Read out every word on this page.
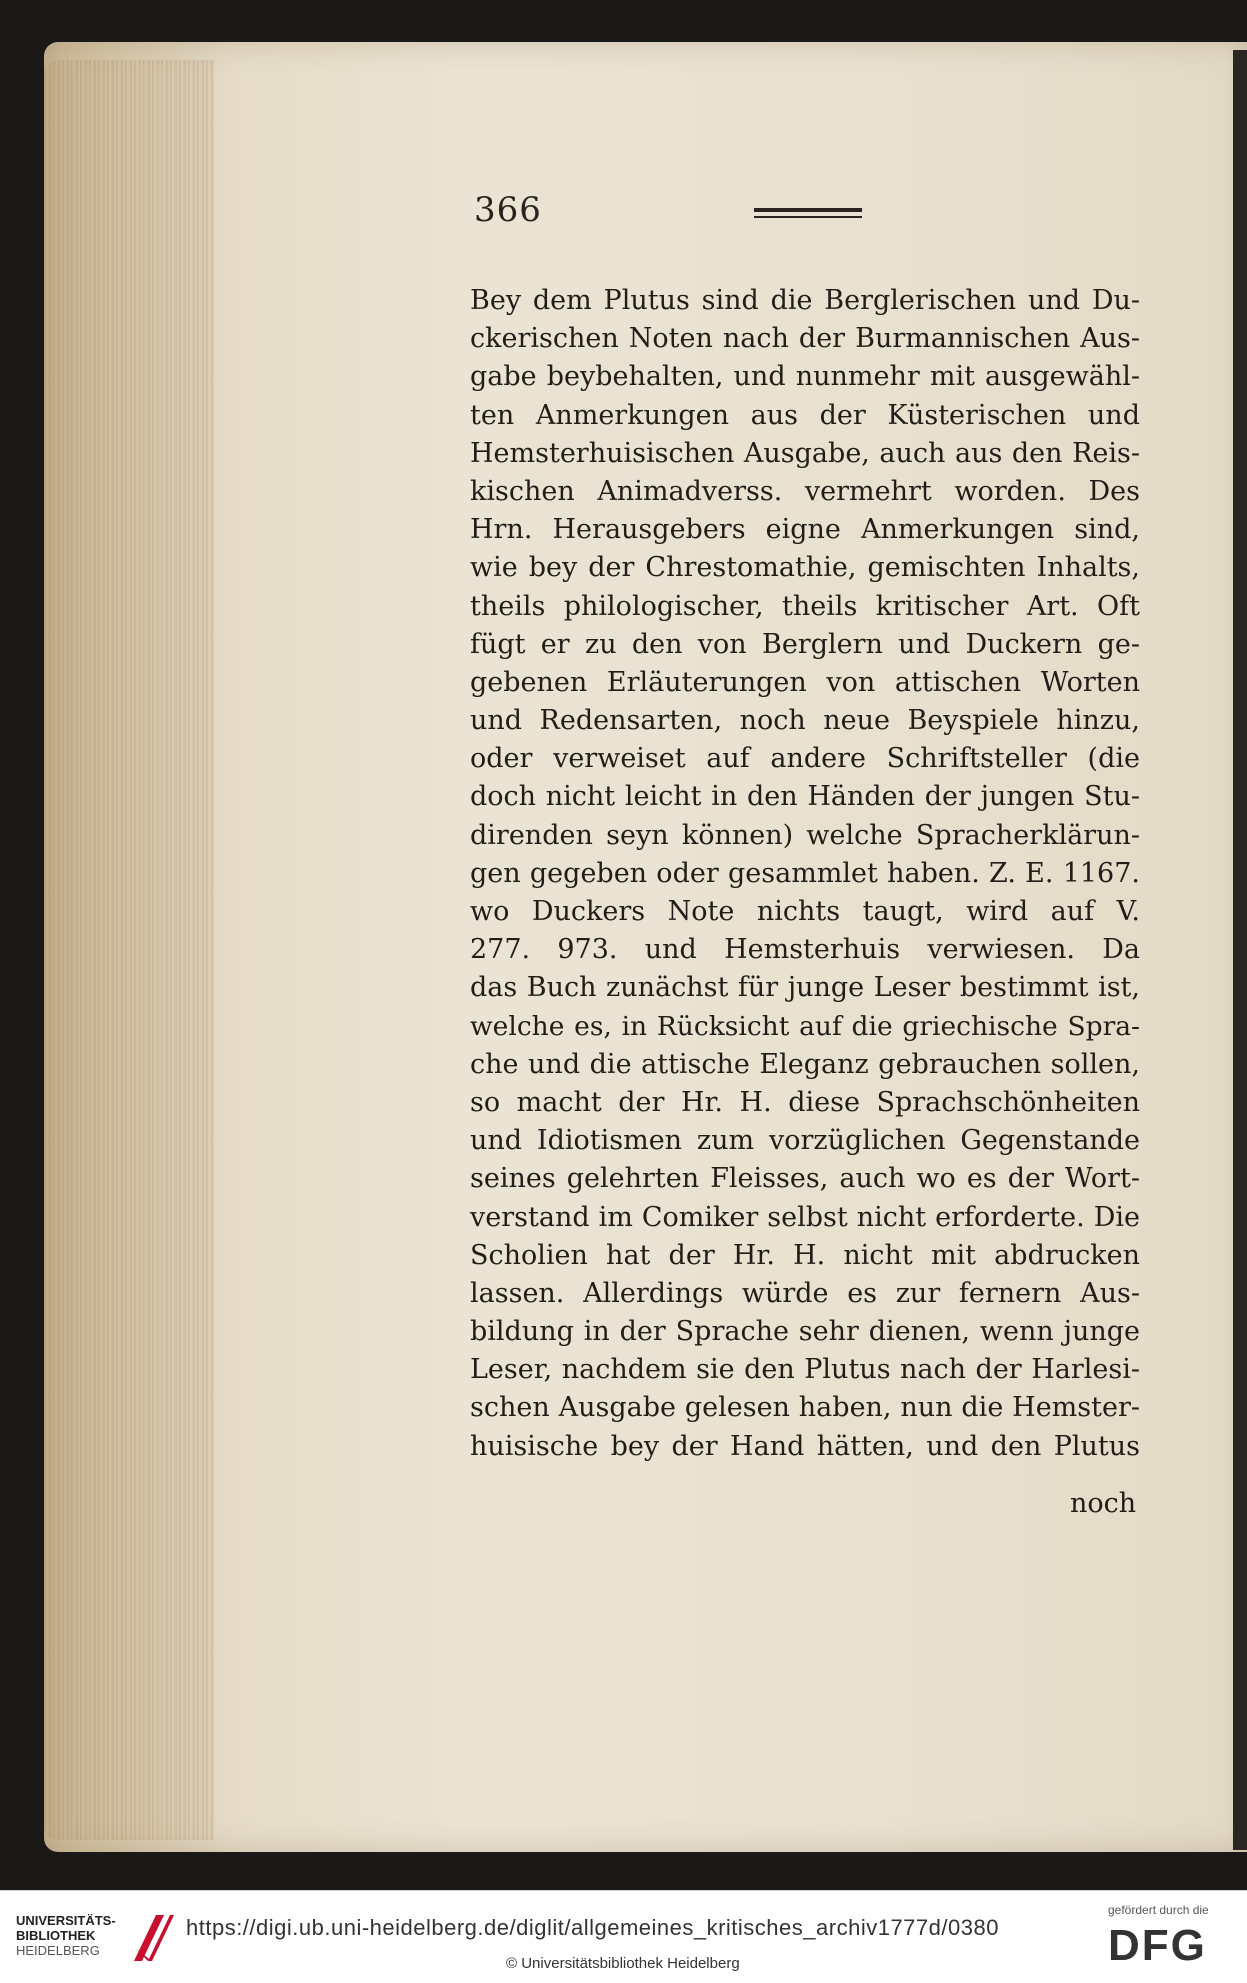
366
Bey dem Plutus sind die Berglerischen und Du-
ckerischen Noten nach der Burmannischen Aus-
gabe beybehalten, und nunmehr mit ausgewähl-
ten Anmerkungen aus der Küsterischen und
Hemsterhuisischen Ausgabe, auch aus den Reis-
kischen Animadverss. vermehrt worden. Des
Hrn. Herausgebers eigne Anmerkungen sind,
wie bey der Chrestomathie, gemischten Inhalts,
theils philologischer, theils kritischer Art. Oft
fügt er zu den von Berglern und Duckern ge-
gebenen Erläuterungen von attischen Worten
und Redensarten, noch neue Beyspiele hinzu,
oder verweiset auf andere Schriftsteller (die
doch nicht leicht in den Händen der jungen Stu-
direnden seyn können) welche Spracherklärun-
gen gegeben oder gesammlet haben. Z. E. 1167.
wo Duckers Note nichts taugt, wird auf V.
277. 973. und Hemsterhuis verwiesen. Da
das Buch zunächst für junge Leser bestimmt ist,
welche es, in Rücksicht auf die griechische Spra-
che und die attische Eleganz gebrauchen sollen,
so macht der Hr. H. diese Sprachschönheiten
und Idiotismen zum vorzüglichen Gegenstande
seines gelehrten Fleisses, auch wo es der Wort-
verstand im Comiker selbst nicht erforderte. Die
Scholien hat der Hr. H. nicht mit abdrucken
lassen. Allerdings würde es zur fernern Aus-
bildung in der Sprache sehr dienen, wenn junge
Leser, nachdem sie den Plutus nach der Harlesi-
schen Ausgabe gelesen haben, nun die Hemster-
huisische bey der Hand hätten, und den Plutus
noch
UNIVERSITÄTS-
BIBLIOTHEK
HEIDELBERG
https://digi.ub.uni-heidelberg.de/diglit/allgemeines_kritisches_archiv1777d/0380
© Universitätsbibliothek Heidelberg
gefördert durch die
DFG
